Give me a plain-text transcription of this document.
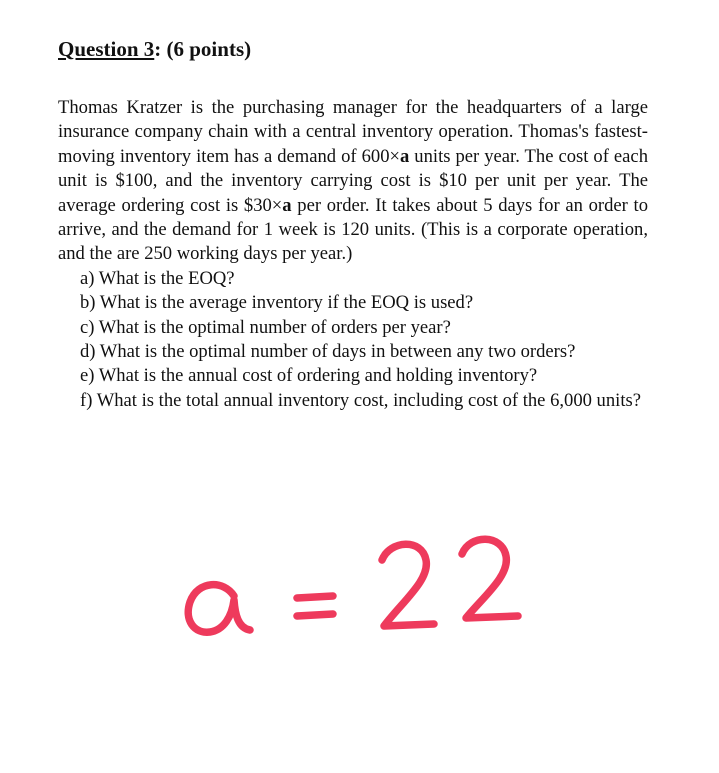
Question 3: (6 points)

Thomas Kratzer is the purchasing manager for the headquarters of a large insurance company chain with a central inventory operation. Thomas's fastest-moving inventory item has a demand of 600×a units per year. The cost of each unit is $100, and the inventory carrying cost is $10 per unit per year. The average ordering cost is $30×a per order. It takes about 5 days for an order to arrive, and the demand for 1 week is 120 units. (This is a corporate operation, and the are 250 working days per year.)

a) What is the EOQ?
b) What is the average inventory if the EOQ is used?
c) What is the optimal number of orders per year?
d) What is the optimal number of days in between any two orders?
e) What is the annual cost of ordering and holding inventory?
f) What is the total annual inventory cost, including cost of the 6,000 units?
